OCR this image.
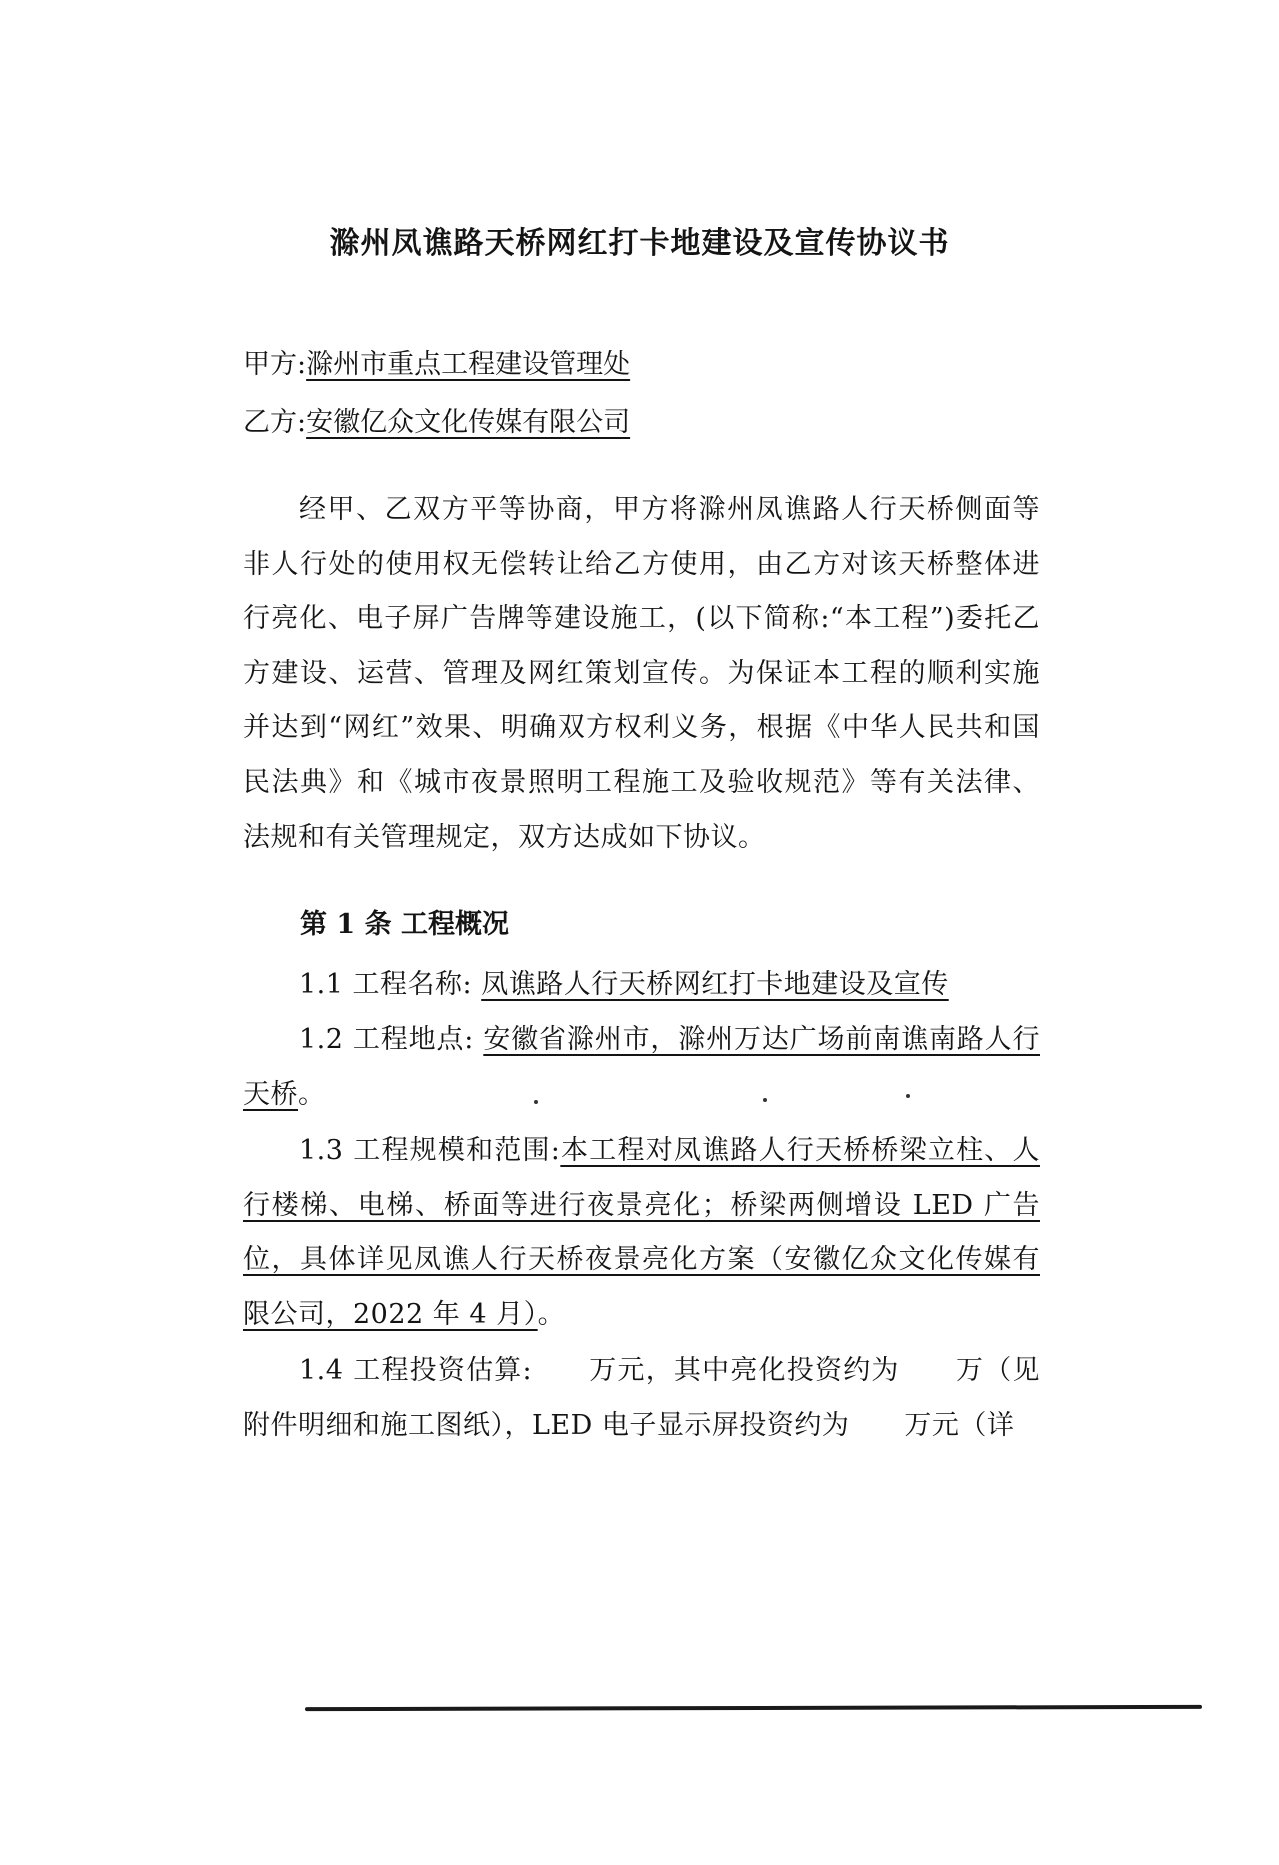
滁州凤谯路天桥网红打卡地建设及宣传协议书
甲方:滁州市重点工程建设管理处
乙方:安徽亿众文化传媒有限公司
经甲、乙双方平等协商，甲方将滁州凤谯路人行天桥侧面等非人行处的使用权无偿转让给乙方使用，由乙方对该天桥整体进行亮化、电子屏广告牌等建设施工，(以下简称:“本工程”)委托乙方建设、运营、管理及网红策划宣传。为保证本工程的顺利实施并达到“网红”效果、明确双方权利义务，根据《中华人民共和国民法典》和《城市夜景照明工程施工及验收规范》等有关法律、法规和有关管理规定，双方达成如下协议。
第 1 条 工程概况
1.1 工程名称: 凤谯路人行天桥网红打卡地建设及宣传
1.2 工程地点: 安徽省滁州市，滁州万达广场前南谯南路人行天桥。
1.3 工程规模和范围:本工程对凤谯路人行天桥桥梁立柱、人行楼梯、电梯、桥面等进行夜景亮化；桥梁两侧增设 LED 广告位，具体详见凤谯人行天桥夜景亮化方案（安徽亿众文化传媒有限公司，2022 年 4 月）。
1.4 工程投资估算:　　万元，其中亮化投资约为　　万（见附件明细和施工图纸），LED 电子显示屏投资约为　　万元（详
